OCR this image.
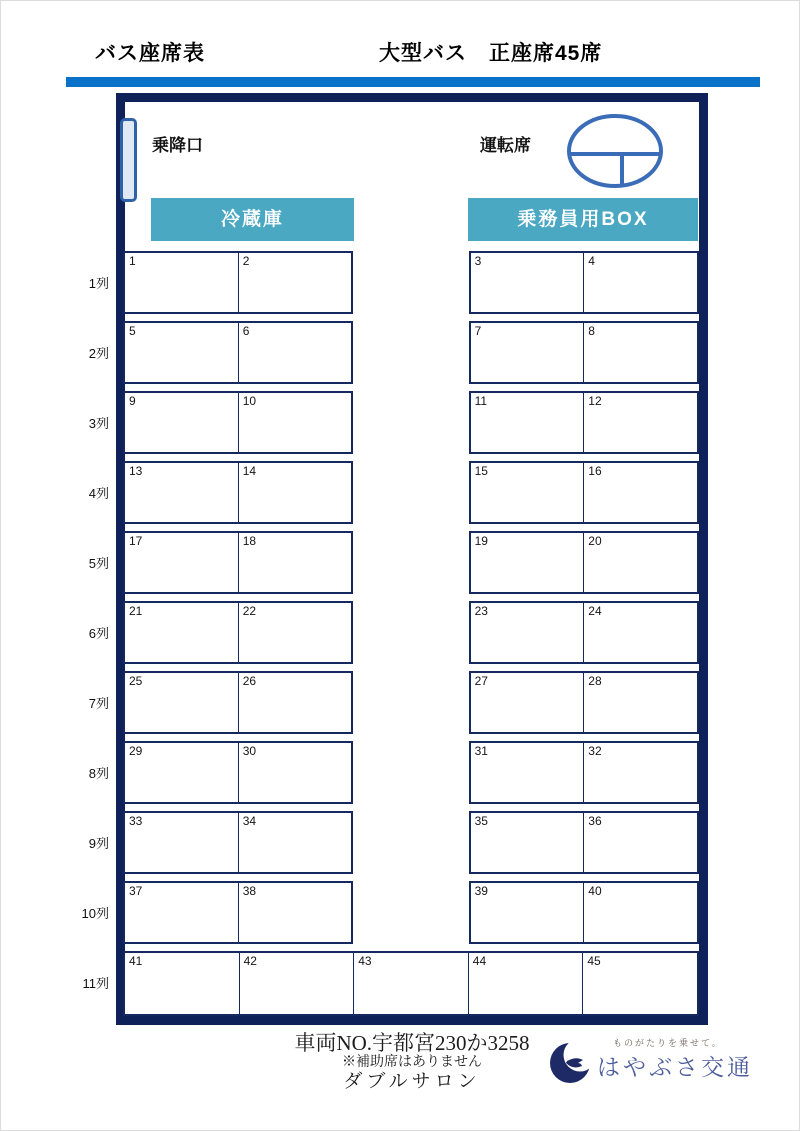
バス座席表	大型バス　正座席45席
乗降口	運転席
冷蔵庫	乗務員用BOX
1列
1	2	3	4
2列
5	6	7	8
3列
9	10	11	12
4列
13	14	15	16
5列
17	18	19	20
6列
21	22	23	24
7列
25	26	27	28
8列
29	30	31	32
9列
33	34	35	36
10列
37	38	39	40
11列
41	42	43	44	45
車両NO.宇都宮230か3258
※補助席はありません
ダブルサロン
ものがたりを乗せて。
はやぶさ交通
